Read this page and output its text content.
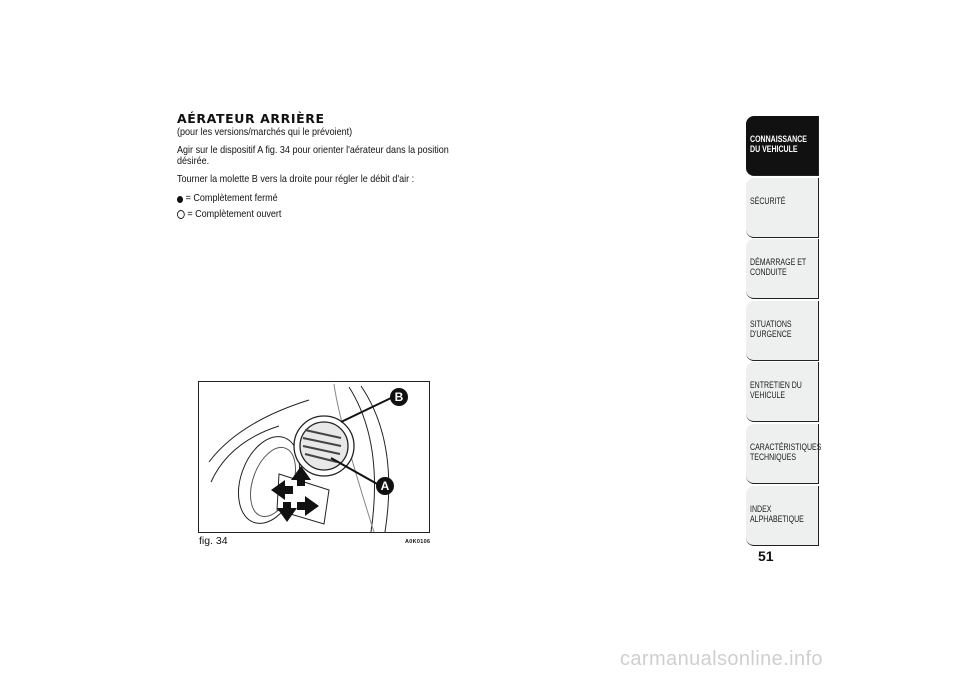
AÉRATEUR ARRIÈRE

(pour les versions/marchés qui le prévoient)

Agir sur le dispositif A fig. 34 pour orienter l'aérateur dans la position désirée.

Tourner la molette B vers la droite pour régler le débit d'air :

= Complètement fermé
= Complètement ouvert
B
A
fig. 34	A0K0106
CONNAISSANCE
DU VEHICULE
SÉCURITÉ
DÉMARRAGE ET
CONDUITE
SITUATIONS
D'URGENCE
ENTRETIEN DU
VEHICULE
CARACTÉRISTIQUES
TECHNIQUES
INDEX
ALPHABETIQUE
51
carmanualsonline.info
